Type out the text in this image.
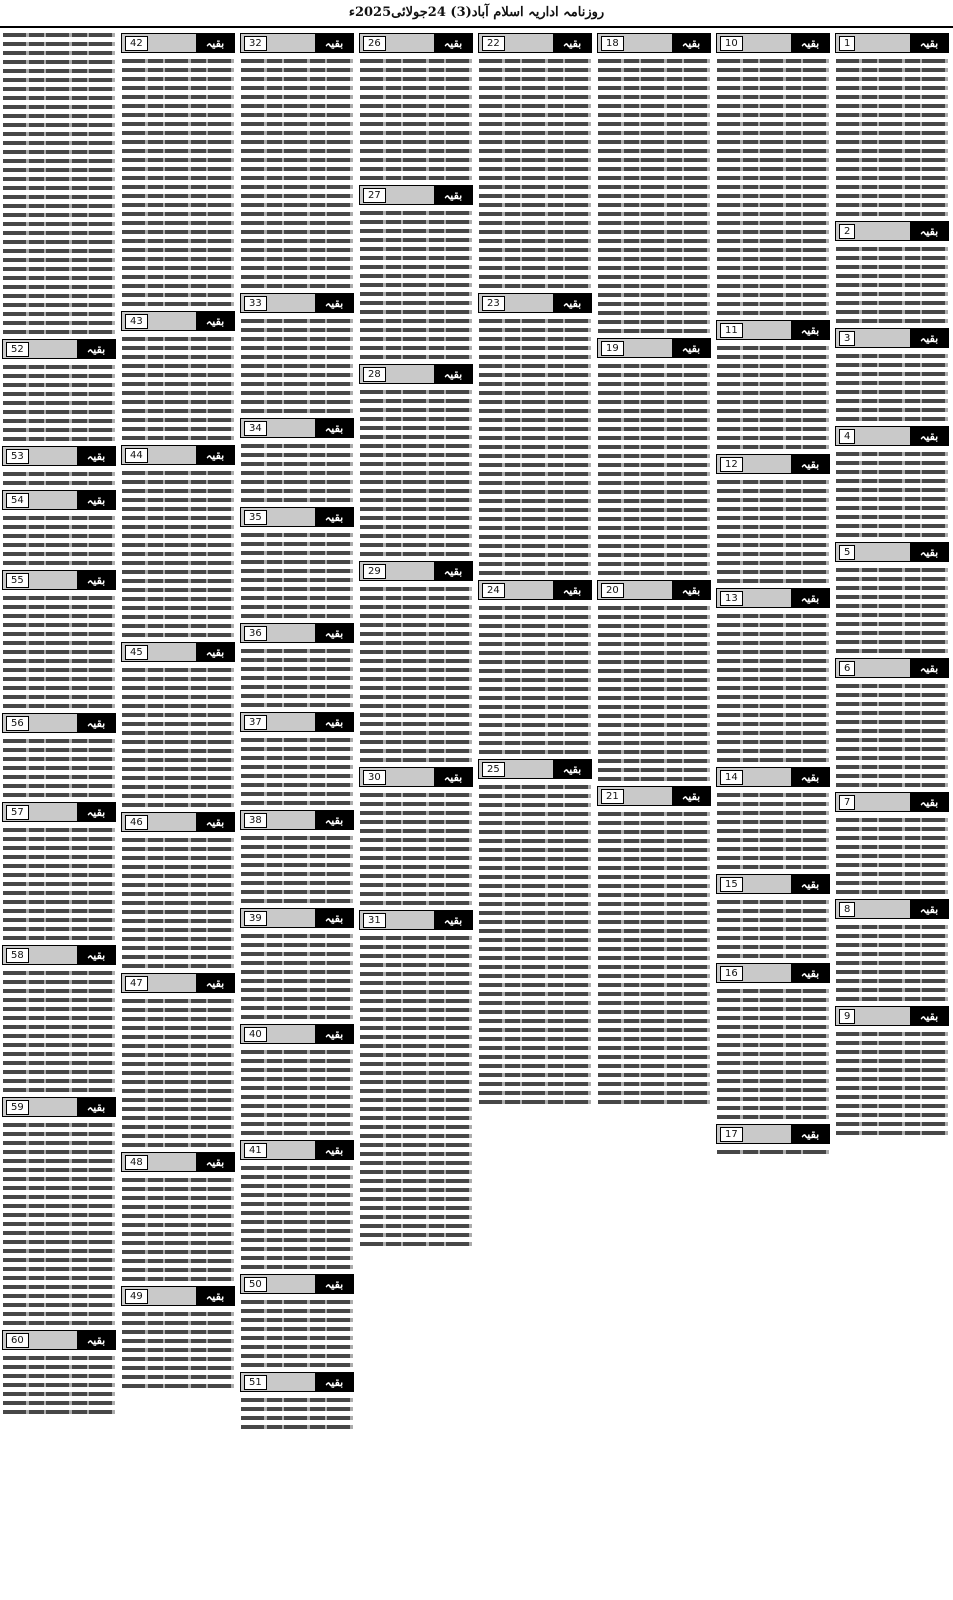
روزنامہ اداریہ اسلام آباد(3) 24جولائی2025ء
بقیہ
1
بقیہ
2
بقیہ
3
بقیہ
4
بقیہ
5
بقیہ
6
بقیہ
7
بقیہ
8
بقیہ
9
بقیہ
10
بقیہ
11
بقیہ
12
بقیہ
13
بقیہ
14
بقیہ
15
بقیہ
16
بقیہ
17
بقیہ
18
بقیہ
19
بقیہ
20
بقیہ
21
بقیہ
22
بقیہ
23
بقیہ
24
بقیہ
25
بقیہ
26
بقیہ
27
بقیہ
28
بقیہ
29
بقیہ
30
بقیہ
31
بقیہ
32
بقیہ
33
بقیہ
34
بقیہ
35
بقیہ
36
بقیہ
37
بقیہ
38
بقیہ
39
بقیہ
40
بقیہ
41
بقیہ
50
بقیہ
51
بقیہ
42
بقیہ
43
بقیہ
44
بقیہ
45
بقیہ
46
بقیہ
47
بقیہ
48
بقیہ
49
بقیہ
52
بقیہ
53
بقیہ
54
بقیہ
55
بقیہ
56
بقیہ
57
بقیہ
58
بقیہ
59
بقیہ
60
